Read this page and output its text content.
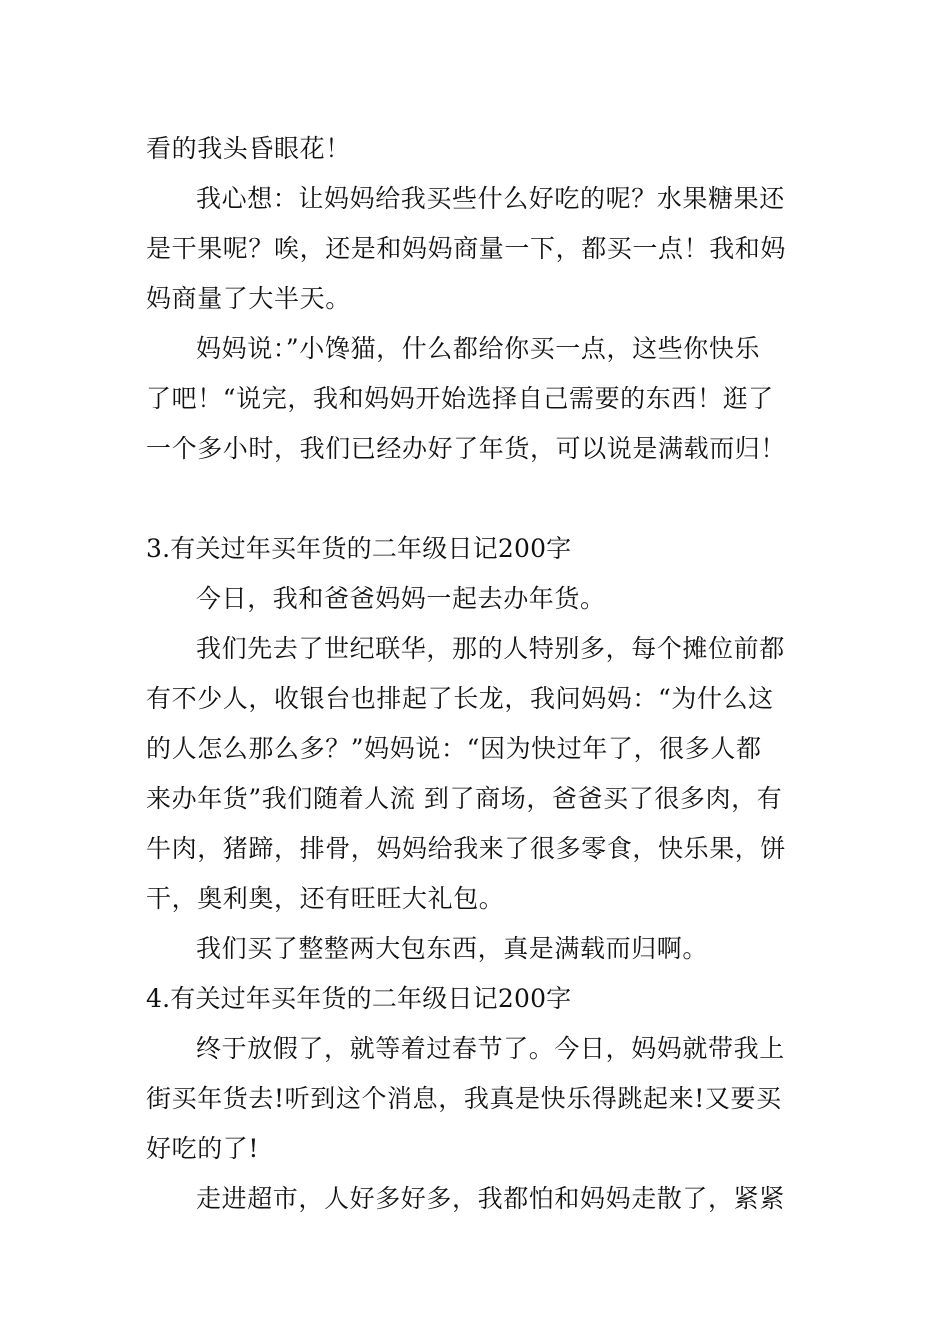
看的我头昏眼花！
我心想：让妈妈给我买些什么好吃的呢？水果糖果还
是干果呢？唉，还是和妈妈商量一下，都买一点！我和妈
妈商量了大半天。
妈妈说：”小馋猫，什么都给你买一点，这些你快乐
了吧！“说完，我和妈妈开始选择自己需要的东西！逛了
一个多小时，我们已经办好了年货，可以说是满载而归！
3.有关过年买年货的二年级日记200字
今日，我和爸爸妈妈一起去办年货。
我们先去了世纪联华，那的人特别多，每个摊位前都
有不少人，收银台也排起了长龙，我问妈妈：“为什么这
的人怎么那么多？”妈妈说：“因为快过年了，很多人都
来办年货”我们随着人流 到了商场，爸爸买了很多肉，有
牛肉，猪蹄，排骨，妈妈给我来了很多零食，快乐果，饼
干，奥利奥，还有旺旺大礼包。
我们买了整整两大包东西，真是满载而归啊。
4.有关过年买年货的二年级日记200字
终于放假了，就等着过春节了。今日，妈妈就带我上
街买年货去!听到这个消息，我真是快乐得跳起来!又要买
好吃的了!
走进超市，人好多好多，我都怕和妈妈走散了，紧紧
